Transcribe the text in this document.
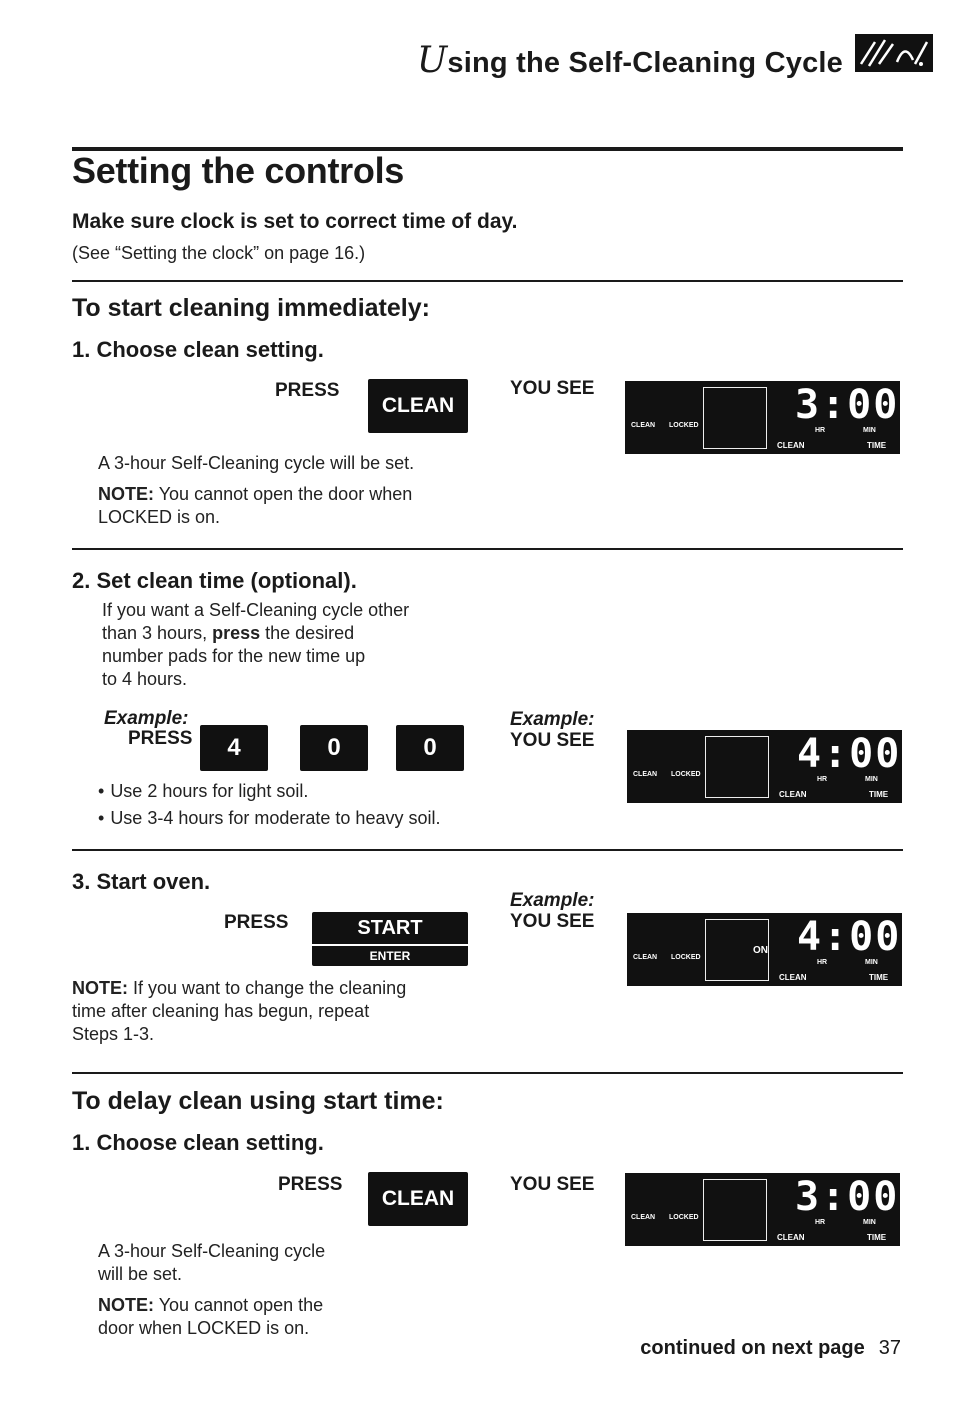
Using the Self-Cleaning Cycle
Setting the controls
Make sure clock is set to correct time of day.
(See “Setting the clock” on page 16.)
To start cleaning immediately:
1. Choose clean setting.
PRESS
CLEAN
YOU SEE
CLEAN LOCKED 3:00
HR	MIN
CLEAN	TIME
A 3-hour Self-Cleaning cycle will be set.
NOTE: You cannot open the door when
LOCKED is on.
2. Set clean time (optional).
If you want a Self-Cleaning cycle other
than 3 hours, press the desired
number pads for the new time up
to 4 hours.
Example:
PRESS	4	0	0
Example:
YOU SEE
CLEAN LOCKED 4:00
HR	MIN
CLEAN	TIME
• Use 2 hours for light soil.
• Use 3-4 hours for moderate to heavy soil.
3. Start oven.
PRESS	START
ENTER
Example:
YOU SEE
ON
CLEAN LOCKED 4:00
HR	MIN
CLEAN	TIME
NOTE: If you want to change the cleaning
time after cleaning has begun, repeat
Steps 1-3.
To delay clean using start time:
1. Choose clean setting.
PRESS
CLEAN
YOU SEE
CLEAN LOCKED 3:00
HR	MIN
CLEAN	TIME
A 3-hour Self-Cleaning cycle
will be set.
NOTE: You cannot open the
door when LOCKED is on.
continued on next page 37
